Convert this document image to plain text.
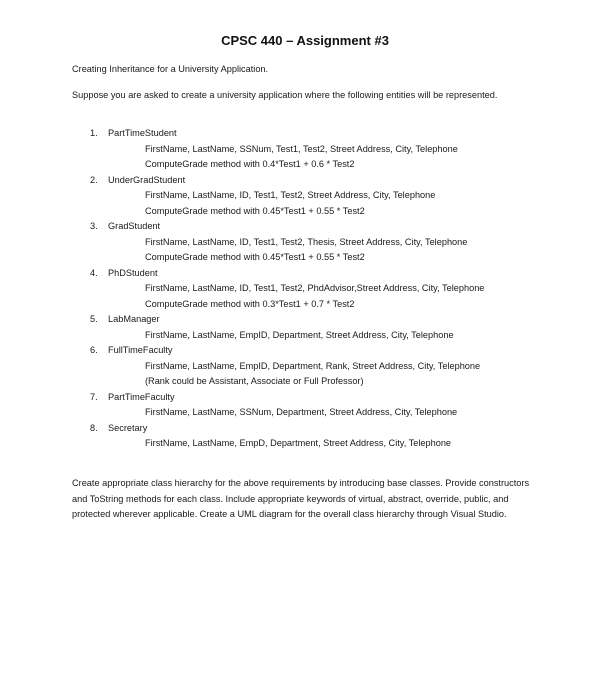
CPSC 440 – Assignment #3
Creating Inheritance for a University Application.
Suppose you are asked to create a university application where the following entities will be represented.
1. PartTimeStudent
FirstName, LastName, SSNum, Test1, Test2, Street Address, City, Telephone
ComputeGrade method with 0.4*Test1 + 0.6 * Test2
2. UnderGradStudent
FirstName, LastName, ID, Test1, Test2, Street Address, City, Telephone
ComputeGrade method with 0.45*Test1 + 0.55 * Test2
3. GradStudent
FirstName, LastName, ID, Test1, Test2, Thesis, Street Address, City, Telephone
ComputeGrade method with 0.45*Test1 + 0.55 * Test2
4. PhDStudent
FirstName, LastName, ID, Test1, Test2, PhdAdvisor,Street Address, City, Telephone
ComputeGrade method with 0.3*Test1 + 0.7 * Test2
5. LabManager
FirstName, LastName, EmpID, Department, Street Address, City, Telephone
6. FullTimeFaculty
FirstName, LastName, EmpID, Department, Rank, Street Address, City, Telephone
(Rank could be Assistant, Associate or Full Professor)
7. PartTimeFaculty
FirstName, LastName, SSNum, Department, Street Address, City, Telephone
8. Secretary
FirstName, LastName, EmpD, Department, Street Address, City, Telephone
Create appropriate class hierarchy for the above requirements by introducing base classes. Provide constructors and ToString methods for each class. Include appropriate keywords of virtual, abstract, override, public, and protected wherever applicable. Create a UML diagram for the overall class hierarchy through Visual Studio.
